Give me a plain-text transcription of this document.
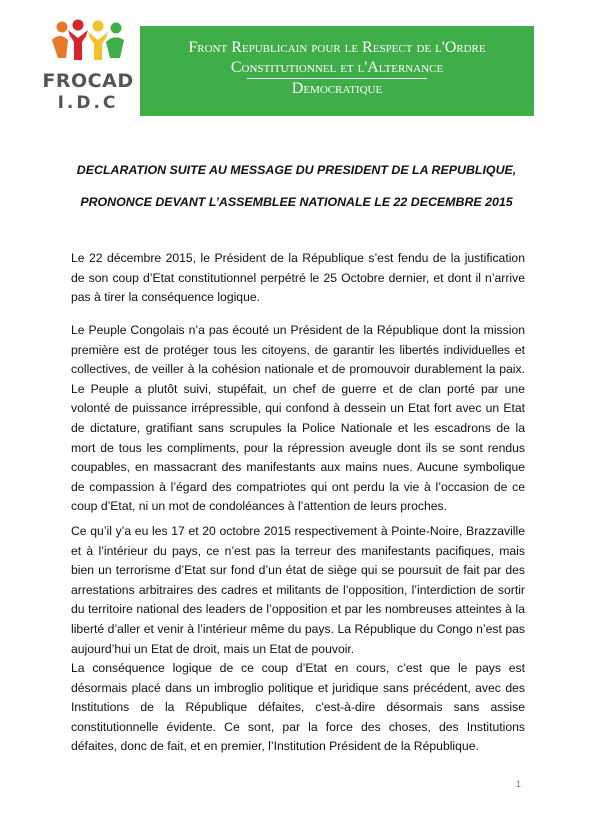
FROCAD
I.D.C
Front Republicain pour le Respect de l'Ordre
Constitutionnel et l'Alternance
Democratique
DECLARATION SUITE AU MESSAGE DU PRESIDENT DE LA REPUBLIQUE,
PRONONCE DEVANT L’ASSEMBLEE NATIONALE LE 22 DECEMBRE 2015
Le 22 décembre 2015, le Président de la République s’est fendu de la justification de son coup d’Etat constitutionnel perpétré le 25 Octobre dernier, et dont il n’arrive pas à tirer la conséquence logique.
Le Peuple Congolais n’a pas écouté un Président de la République dont la mission première est de protéger tous les citoyens, de garantir les libertés individuelles et collectives, de veiller à la cohésion nationale et de promouvoir durablement la paix. Le Peuple a plutôt suivi, stupéfait, un chef de guerre et de clan porté par une volonté de puissance irrépressible, qui confond à dessein un Etat fort avec un Etat de dictature, gratifiant sans scrupules la Police Nationale et les escadrons de la mort de tous les compliments, pour la répression aveugle dont ils se sont rendus coupables, en massacrant des manifestants aux mains nues. Aucune symbolique de compassion à l’égard des compatriotes qui ont perdu la vie à l’occasion de ce coup d’Etat, ni un mot de condoléances à l’attention de leurs proches.
Ce qu’il y’a eu les 17 et 20 octobre 2015 respectivement à Pointe-Noire, Brazzaville et à l’intérieur du pays, ce n’est pas la terreur des manifestants pacifiques, mais bien un terrorisme d’Etat sur fond d’un état de siège qui se poursuit de fait par des arrestations arbitraires des cadres et militants de l’opposition, l’interdiction de sortir du territoire national des leaders de l’opposition et par les nombreuses atteintes à la liberté d’aller et venir à l’intérieur même du pays. La République du Congo n’est pas aujourd’hui un Etat de droit, mais un Etat de pouvoir.
La conséquence logique de ce coup d’Etat en cours, c’est que le pays est désormais placé dans un imbroglio politique et juridique sans précédent, avec des Institutions de la République défaites, c'est-à-dire désormais sans assise constitutionnelle évidente. Ce sont, par la force des choses, des Institutions défaites, donc de fait, et en premier, l’Institution Président de la République.
1
